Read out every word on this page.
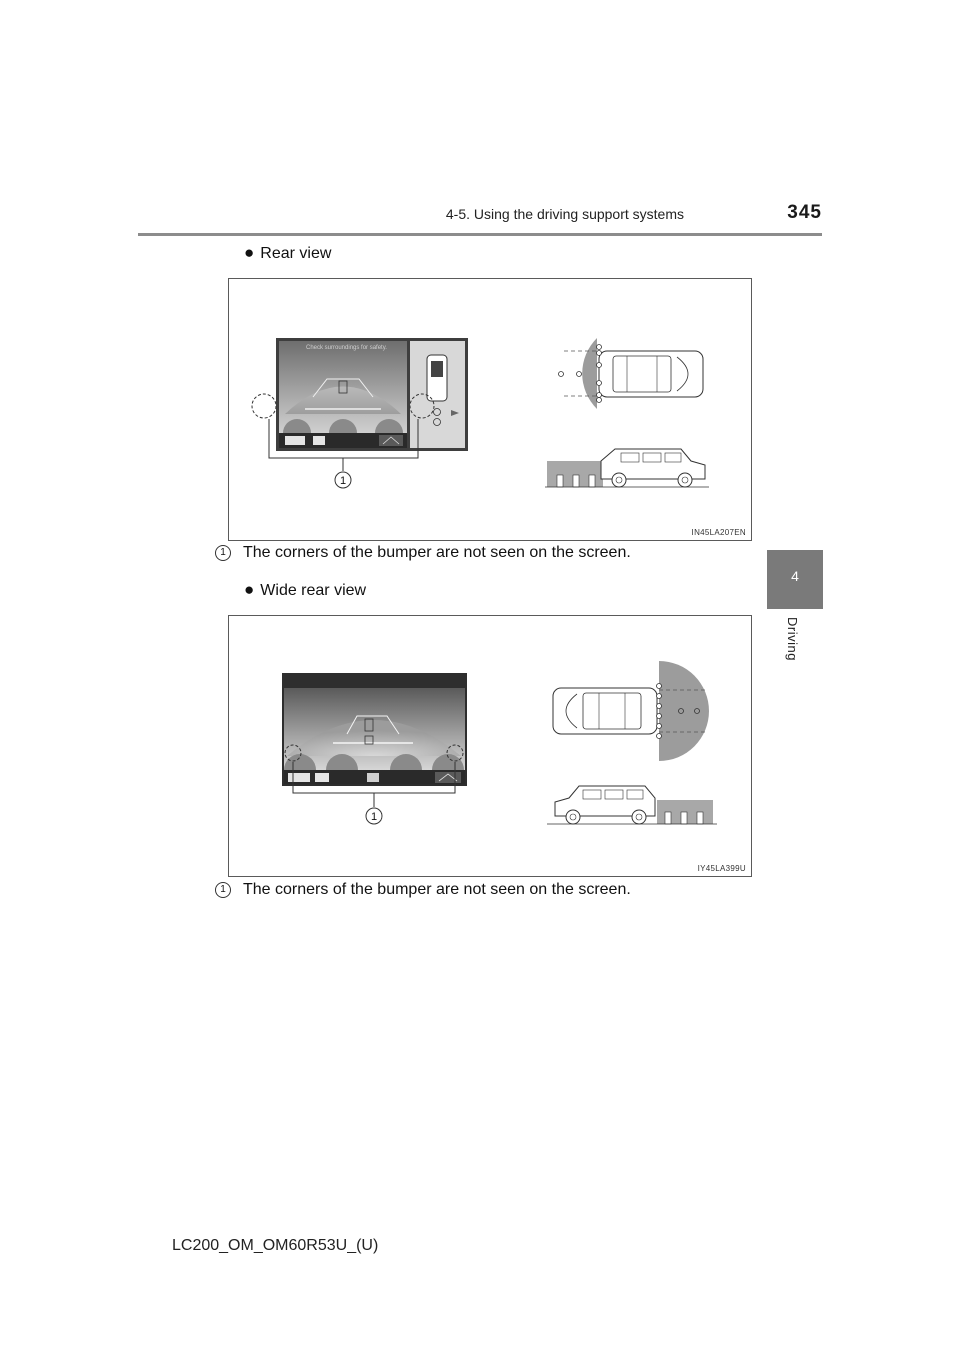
4-5. Using the driving support systems	345
4
Driving
● Rear view
Check surroundings for safety.
1
IN45LA207EN
1 The corners of the bumper are not seen on the screen.
● Wide rear view
1
IY45LA399U
1 The corners of the bumper are not seen on the screen.
LC200_OM_OM60R53U_(U)
